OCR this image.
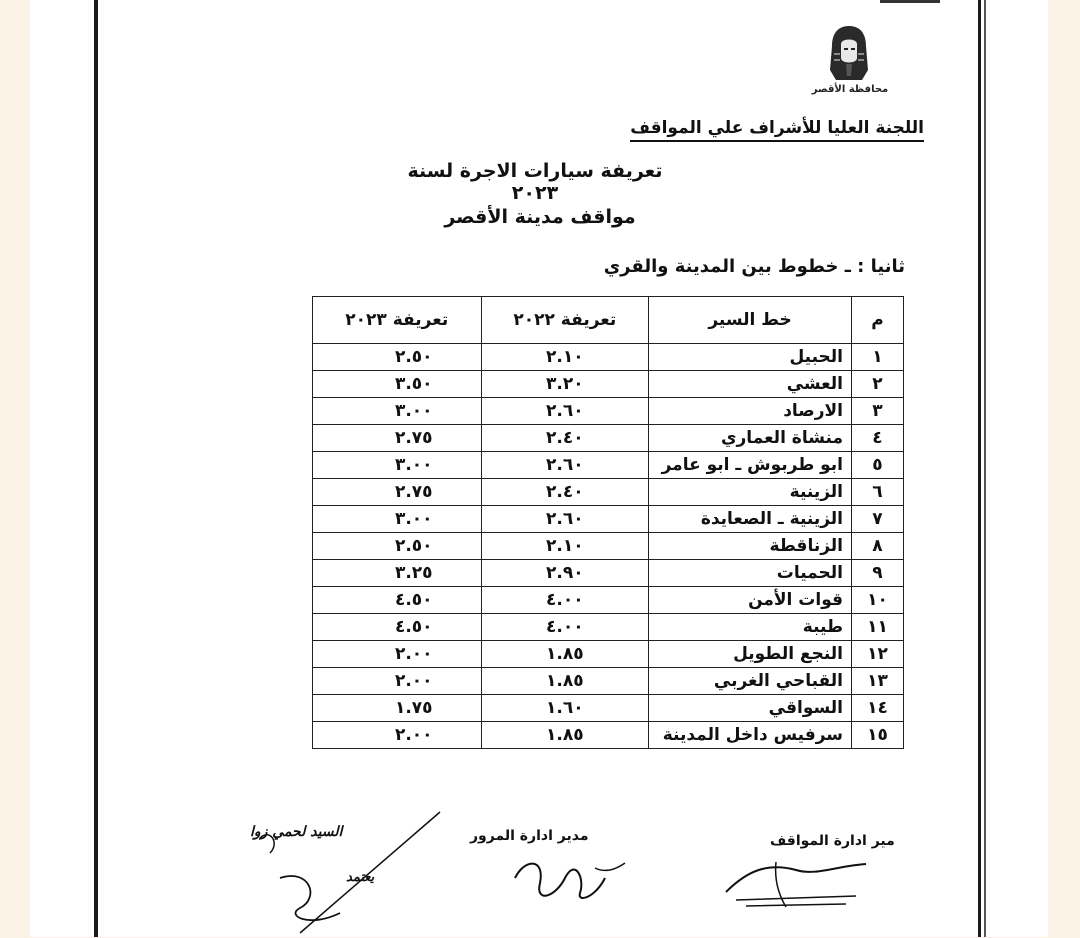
محافظة الأقصر
اللجنة العليا للأشراف علي المواقف
تعريفة سيارات الاجرة لسنة ٢٠٢٣
مواقف مدينة الأقصر
ثانيا : ـ خطوط بين المدينة والقري
م	خط السير	تعريفة ٢٠٢٢	تعريفة ٢٠٢٣
١	الحبيل	٢.١٠	٢.٥٠
٢	العشي	٣.٢٠	٣.٥٠
٣	الارصاد	٢.٦٠	٣.٠٠
٤	منشاة العماري	٢.٤٠	٢.٧٥
٥	ابو طربوش ـ ابو عامر	٢.٦٠	٣.٠٠
٦	الزينية	٢.٤٠	٢.٧٥
٧	الزينية ـ الصعايدة	٢.٦٠	٣.٠٠
٨	الزناقطة	٢.١٠	٢.٥٠
٩	الحميات	٢.٩٠	٣.٢٥
١٠	قوات الأمن	٤.٠٠	٤.٥٠
١١	طيبة	٤.٠٠	٤.٥٠
١٢	النجع الطويل	١.٨٥	٢.٠٠
١٣	القباحي الغربي	١.٨٥	٢.٠٠
١٤	السواقي	١.٦٠	١.٧٥
١٥	سرفيس داخل المدينة	١.٨٥	٢.٠٠
مير ادارة المواقف
مدير ادارة المرور
السيد لحمي زوا
يعتمد
